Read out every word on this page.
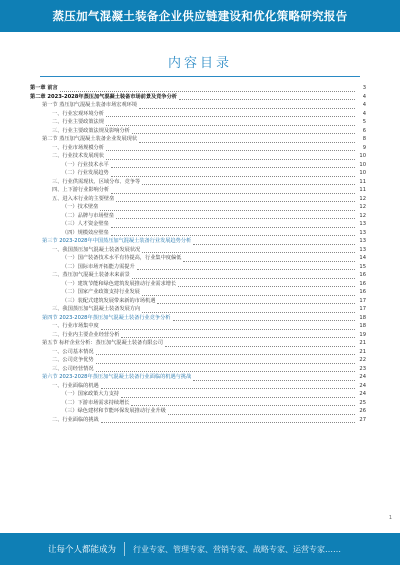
蒸压加气混凝土装备企业供应链建设和优化策略研究报告
内容目录
第一章 前言	3
第二章 2023-2028年蒸压加气混凝土装备市场前景及竞争分析	4
第一节 蒸压加气混凝土装备市场宏观环境	4
一、行业宏观环境分析	4
二、行业主要政策法规	5
三、行业主要政策法规及影响分析	6
第二节 蒸压加气混凝土装备企业发展现状	8
一、行业市场规模分析	9
二、行业技术发展现状	10
（一）行业技术水平	10
（二）行业发展趋势	10
三、行业供需现状、区域分布、竞争等	11
四、上下游行业影响分析	11
五、进入本行业的主要壁垒	12
（一）技术壁垒	12
（二）品牌与市场壁垒	12
（三）人才资金壁垒	13
（四）规模效应壁垒	13
第三节 2023-2028年中国蒸压加气混凝土装备行业发展趋势分析	13
一、我国蒸压加气混凝土装备发展状况	13
（一）国产装备技术水平有待提高，行业集中度偏低	14
（二）国际市场开拓能力需提升	15
二、蒸压加气混凝土装备未来前景	16
（一）建筑节能和绿色建筑发展推动行业需求增长	16
（二）国家产业政策支持行业发展	16
（三）装配式建筑发展带来新的市场机遇	17
三、我国蒸压加气混凝土装备发展方向	17
第四节 2023-2028年蒸压加气混凝土装备行业竞争分析	18
一、行业市场集中度	18
二、行业内主要企业经营分析	19
第五节 标杆企业分析：蒸压加气混凝土装备有限公司	21
一、公司基本情况	21
二、公司竞争优势	22
三、公司经营情况	23
第六节 2023-2028年蒸压加气混凝土装备行业面临的机遇与挑战	24
一、行业面临的机遇	24
（一）国家政策大力支持	24
（二）下游市场需求持续增长	25
（三）绿色建材和节能环保发展推动行业升级	26
二、行业面临的挑战	27
1
让每个人都能成为 行业专家、管理专家、营销专家、战略专家、运营专家……
